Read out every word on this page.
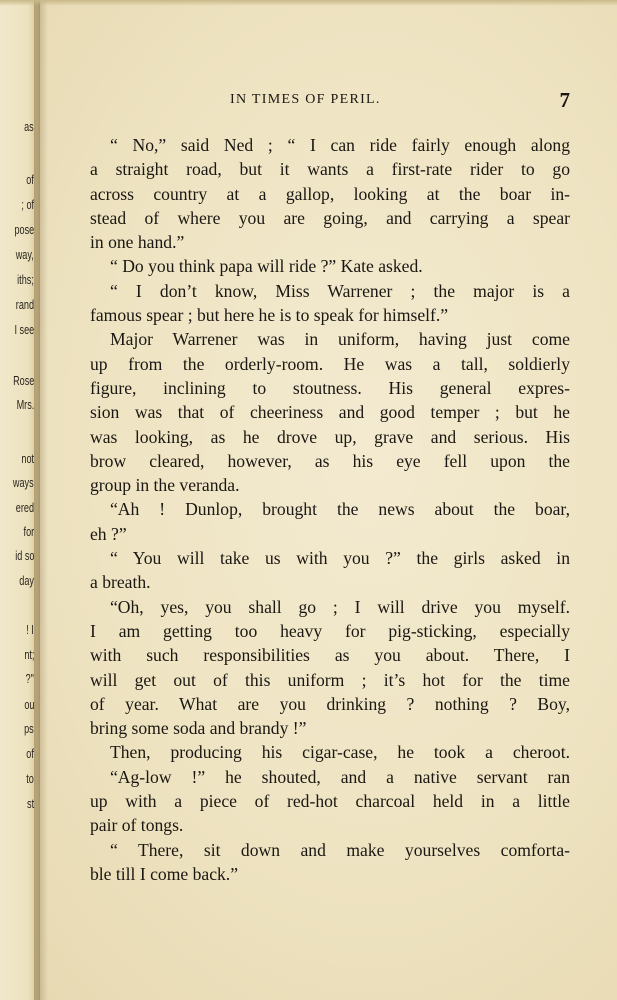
as
of
; of
pose
way,
iths;
rand
I see
Rose
Mrs.
not
ways
ered
for
id so
day
! I
nt;
?"
ou
ps
of
to
st
IN TIMES OF PERIL.	7
“ No,” said Ned ; “ I can ride fairly enough along
a straight road, but it wants a first-rate rider to go
across country at a gallop, looking at the boar in-
stead of where you are going, and carrying a spear
in one hand.”
“ Do you think papa will ride ?” Kate asked.
“ I don’t know, Miss Warrener ; the major is a
famous spear ; but here he is to speak for himself.”
Major Warrener was in uniform, having just come
up from the orderly-room. He was a tall, soldierly
figure, inclining to stoutness. His general expres-
sion was that of cheeriness and good temper ; but he
was looking, as he drove up, grave and serious. His
brow cleared, however, as his eye fell upon the
group in the veranda.
“Ah ! Dunlop, brought the news about the boar,
eh ?”
“ You will take us with you ?” the girls asked in
a breath.
“Oh, yes, you shall go ; I will drive you myself.
I am getting too heavy for pig-sticking, especially
with such responsibilities as you about. There, I
will get out of this uniform ; it’s hot for the time
of year. What are you drinking ? nothing ? Boy,
bring some soda and brandy !”
Then, producing his cigar-case, he took a cheroot.
“Ag-low !” he shouted, and a native servant ran
up with a piece of red-hot charcoal held in a little
pair of tongs.
“ There, sit down and make yourselves comforta-
ble till I come back.”
